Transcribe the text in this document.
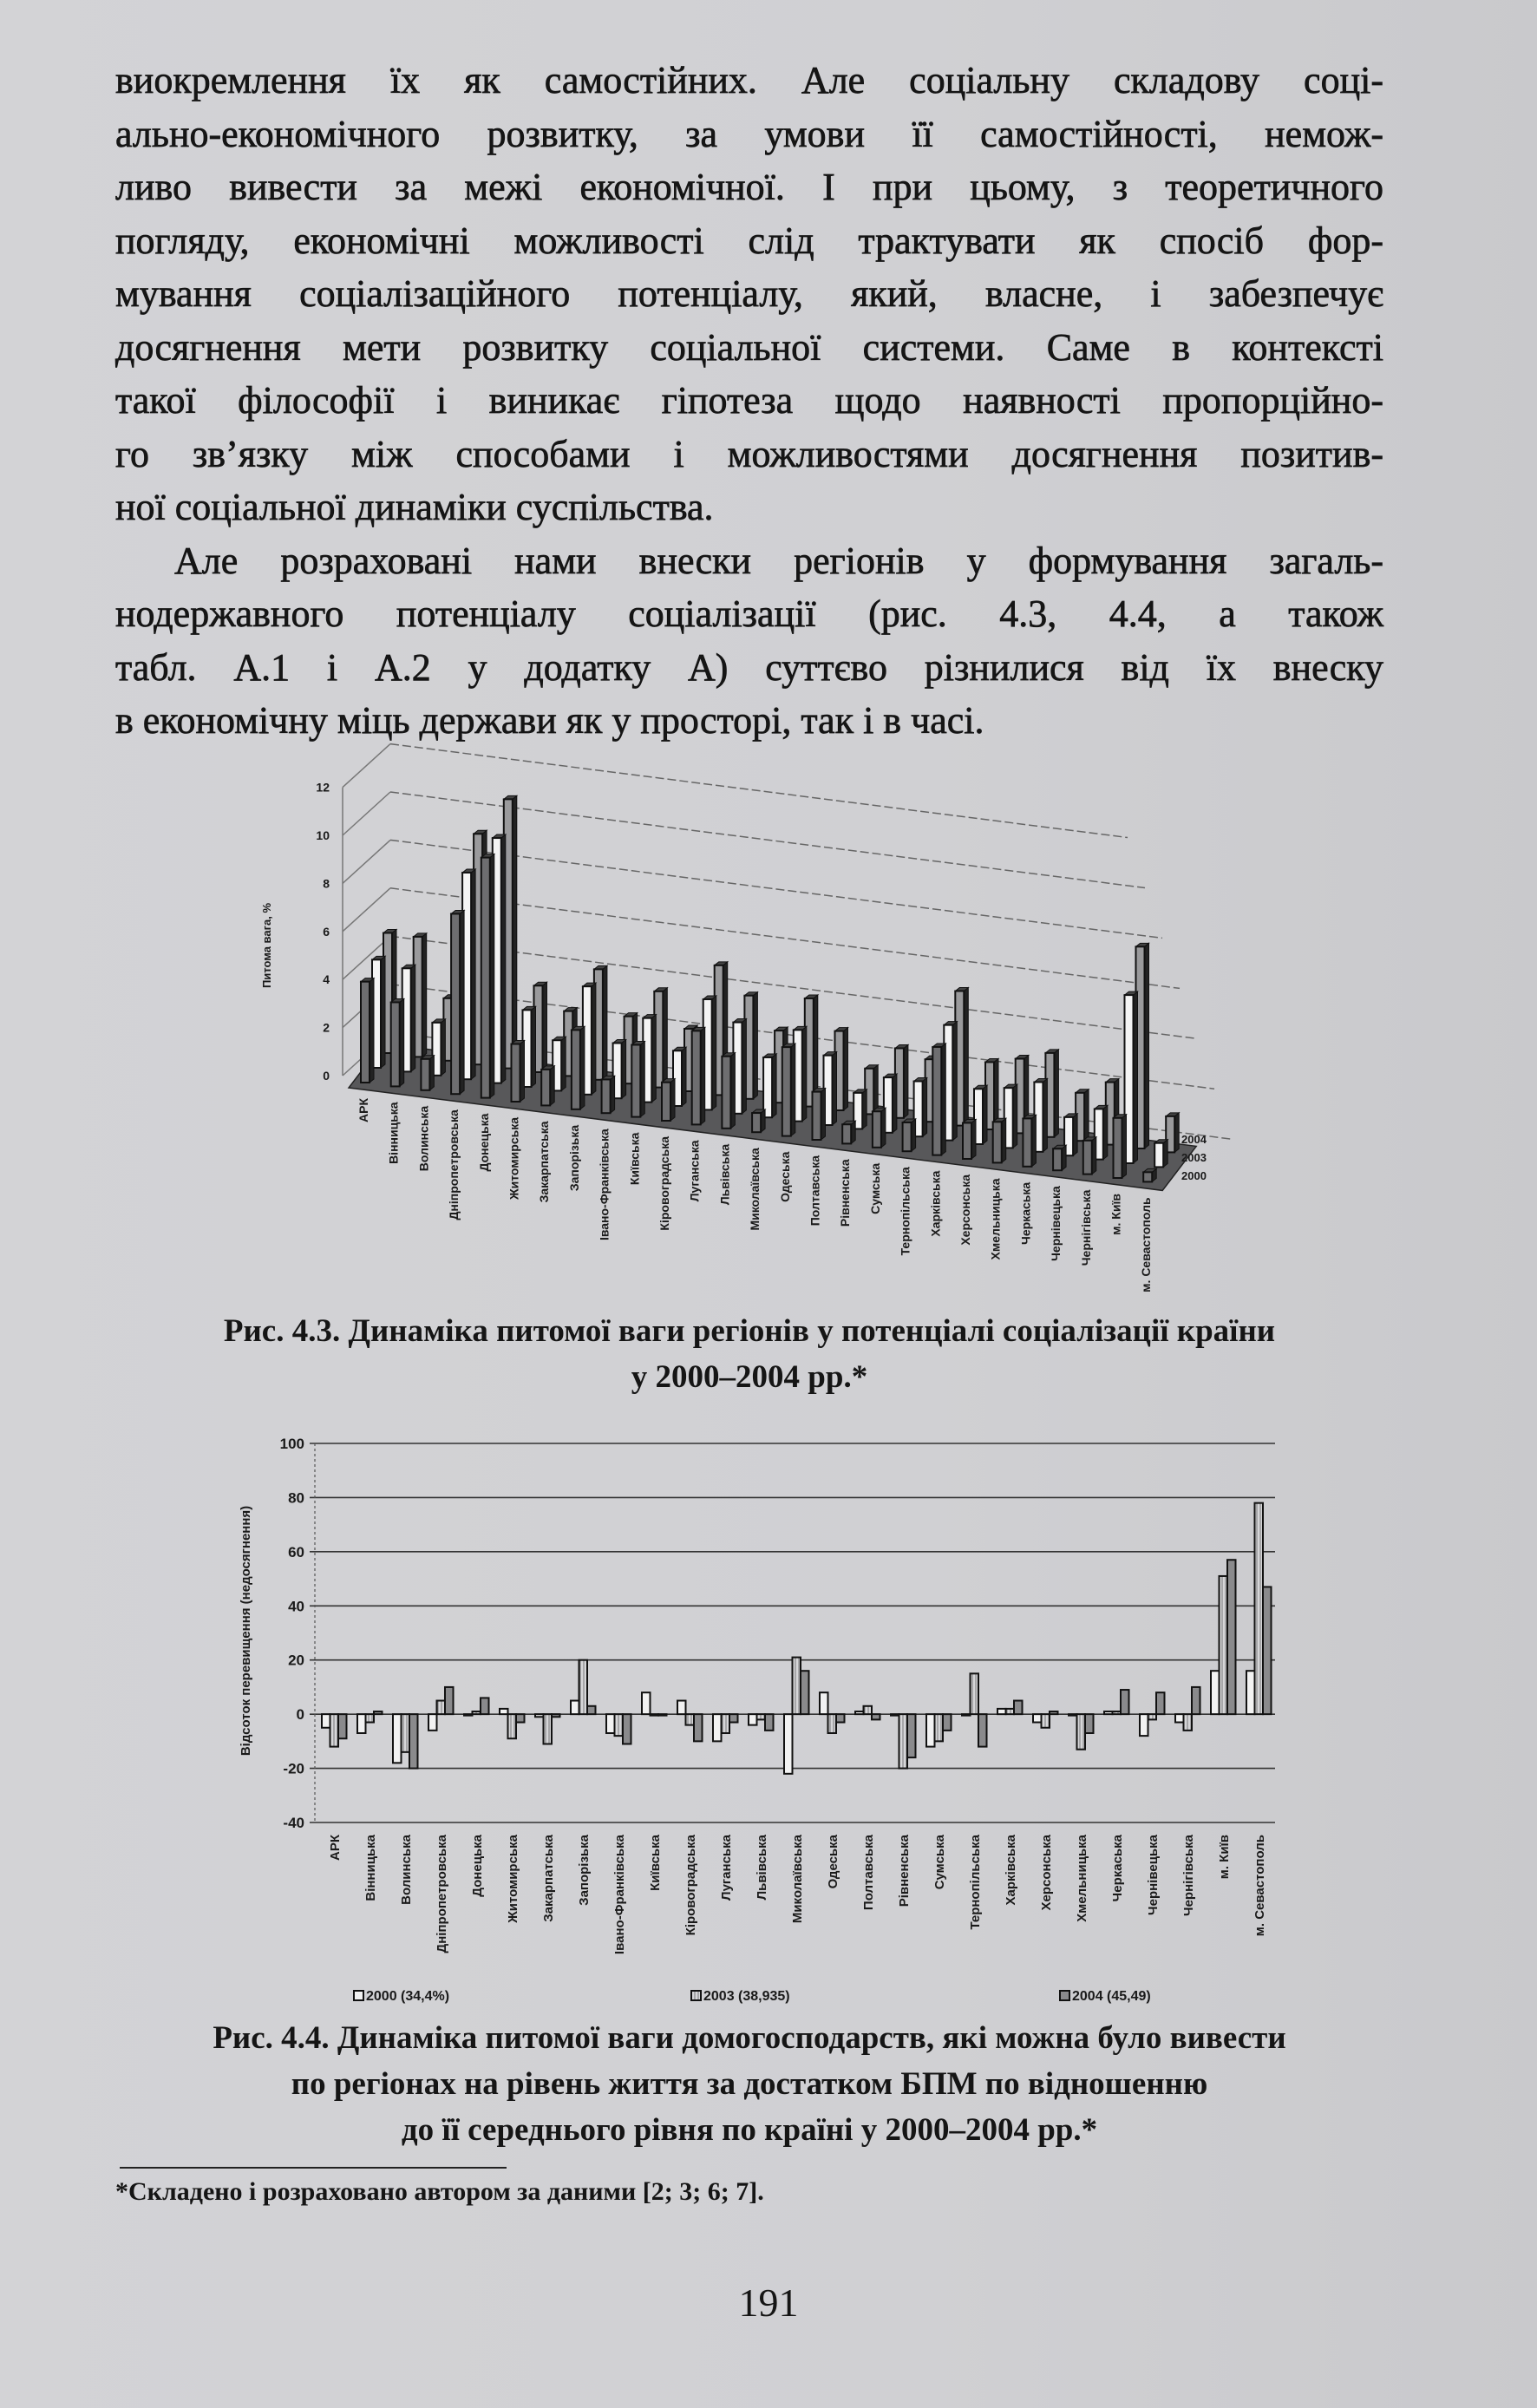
виокремлення їх як самостійних. Але соціальну складову соці-
ально-економічного розвитку, за умови її самостійності, немож-
ливо вивести за межі економічної. І при цьому, з теоретичного
погляду, економічні можливості слід трактувати як спосіб фор-
мування соціалізаційного потенціалу, який, власне, і забезпечує
досягнення мети розвитку соціальної системи. Саме в контексті
такої філософії і виникає гіпотеза щодо наявності пропорційно-
го зв’язку між способами і можливостями досягнення позитив-
ної соціальної динаміки суспільства.
Але розраховані нами внески регіонів у формування загаль-
нодержавного потенціалу соціалізації (рис. 4.3, 4.4, а також
табл. А.1 і А.2 у додатку А) суттєво різнилися від їх внеску
в економічну міць держави як у просторі, так і в часі.
0
2
4
6
8
10
12
Питома вага, %
АРК Вінницька Волинська Дніпропетровська Донецька Житомирська Закарпатська Запорізька Івано-Франківська Київська Кіровоградська Луганська Львівська Миколаївська Одеська Полтавська Рівненська Сумська Тернопільська Харківська Херсонська Хмельницька Черкаська Чернівецька Чернігівська м. Київ м. Севастополь
2004
2003
2000
100
80
60
40
20
0
-20
-40
Відсоток перевищення (недосягнення)
АРК Вінницька Волинська Дніпропетровська Донецька Житомирська Закарпатська Запорізька Івано-Франківська Київська Кіровоградська Луганська Львівська Миколаївська Одеська Полтавська Рівненська Сумська Тернопільська Харківська Херсонська Хмельницька Черкаська Чернівецька Чернігівська м. Київ м. Севастополь
2000 (34,4%)	2003 (38,935)	2004 (45,49)
Рис. 4.3. Динаміка питомої ваги регіонів у потенціалі соціалізації країни
у 2000–2004 рр.*
Рис. 4.4. Динаміка питомої ваги домогосподарств, які можна було вивести
по регіонах на рівень життя за достатком БПМ по відношенню
до її середнього рівня по країні у 2000–2004 рр.*
*Складено і розраховано автором за даними [2; 3; 6; 7].
191
